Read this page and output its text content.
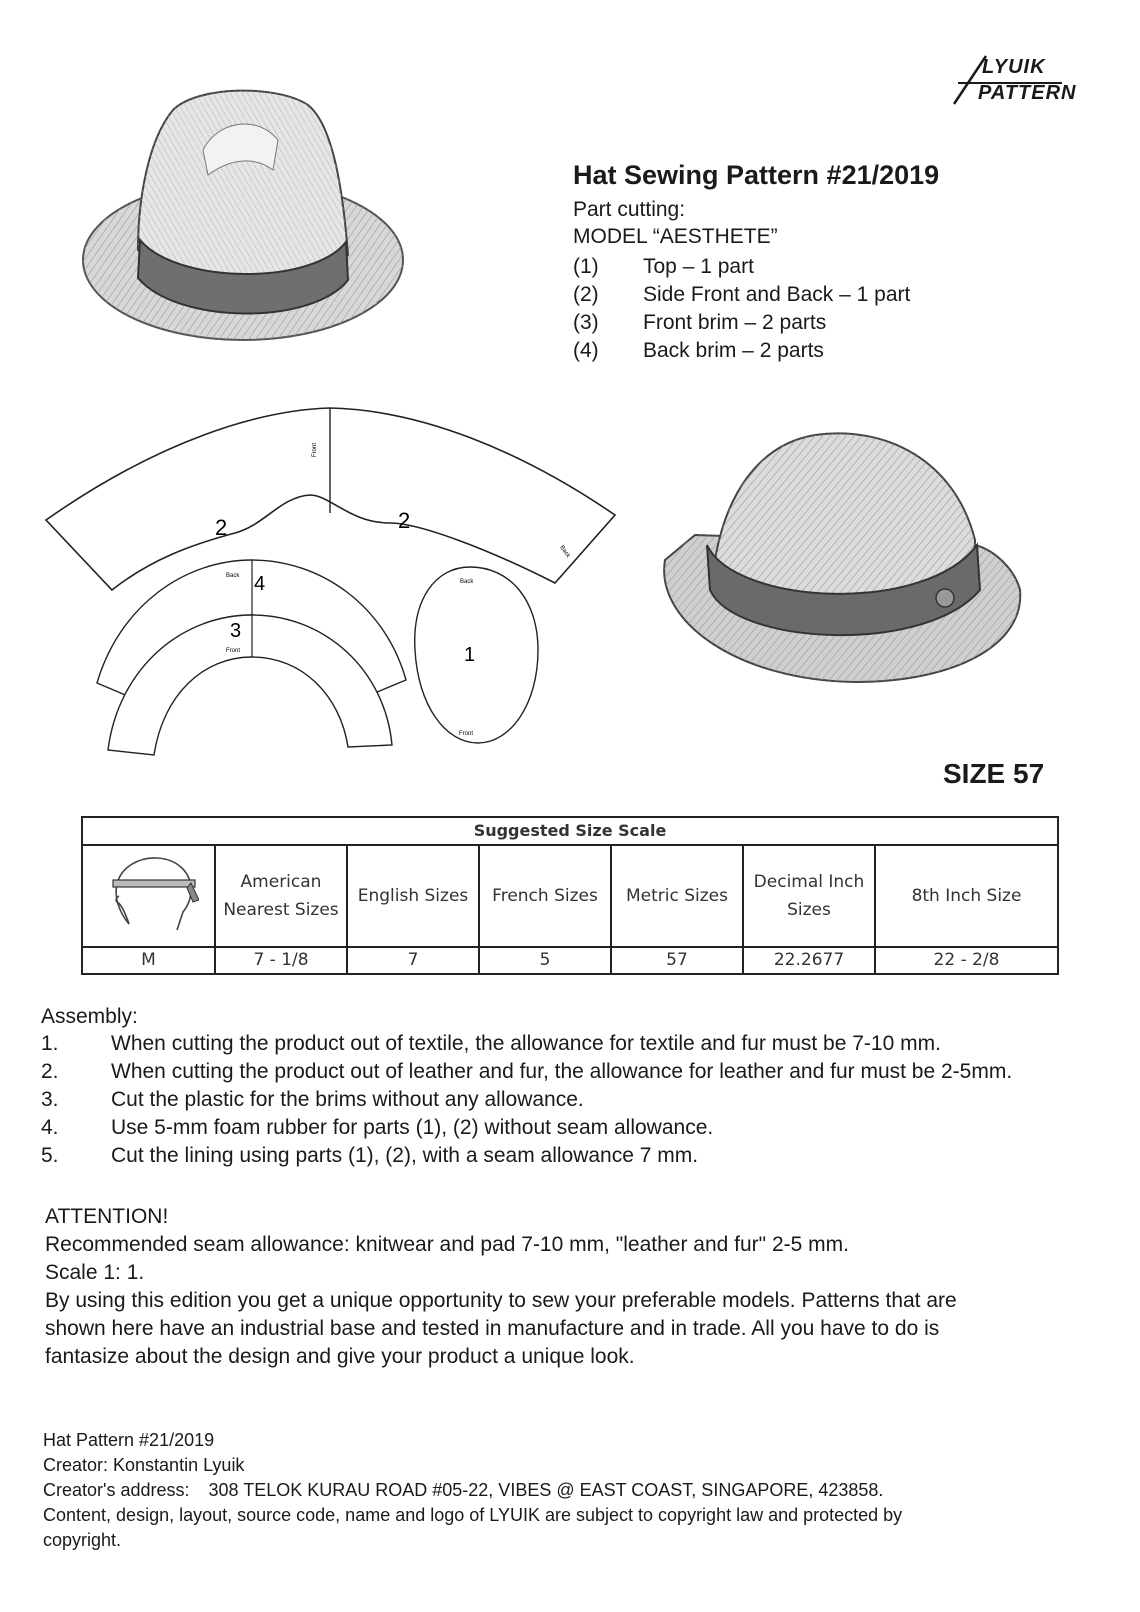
LYUIK
PATTERN
Hat Sewing Pattern #21/2019
Part cutting:
MODEL “AESTHETE”
(1) Top – 1 part
(2) Side Front and Back – 1 part
(3) Front brim – 2 parts
(4) Back brim – 2 parts
2	2
Front
Back
Back 4
3
Front
Back
1
Front
SIZE 57
Suggested Size Scale						
	American Nearest Sizes	English Sizes	French Sizes	Metric Sizes	Decimal Inch Sizes	8th Inch Size
M	7 - 1/8	7	5	57	22.2677	22 - 2/8
Assembly:
1. When cutting the product out of textile, the allowance for textile and fur must be 7-10 mm.
2. When cutting the product out of leather and fur, the allowance for leather and fur must be 2-5mm.
3. Cut the plastic for the brims without any allowance.
4. Use 5-mm foam rubber for parts (1), (2) without seam allowance.
5. Cut the lining using parts (1), (2), with a seam allowance 7 mm.
ATTENTION!
Recommended seam allowance: knitwear and pad 7-10 mm, "leather and fur" 2-5 mm.
Scale 1: 1.
By using this edition you get a unique opportunity to sew your preferable models. Patterns that are
shown here have an industrial base and tested in manufacture and in trade. All you have to do is
fantasize about the design and give your product a unique look.
Hat Pattern #21/2019
Creator: Konstantin Lyuik
Creator's address: 308 TELOK KURAU ROAD #05-22, VIBES @ EAST COAST, SINGAPORE, 423858.
Content, design, layout, source code, name and logo of LYUIK are subject to copyright law and protected by
copyright.
